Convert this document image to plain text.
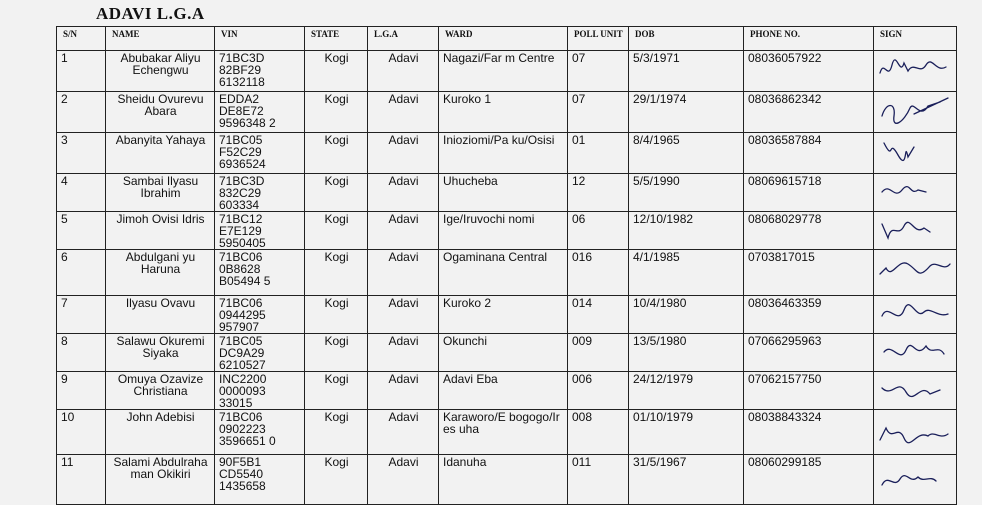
ADAVI L.G.A
S/N	NAME	VIN	STATE	L.G.A	WARD	POLL UNIT	DOB	PHONE NO.	SIGN
1	Abubakar Aliyu Echengwu	71BC3D 82BF29 6132118	Kogi	Adavi	Nagazi/Far m Centre	07	5/3/1971	08036057922	

2	Sheidu Ovurevu Abara	EDDA2 DE8E72 9596348 2	Kogi	Adavi	Kuroko 1	07	29/1/1974	08036862342	

3	Abanyita Yahaya	71BC05 F52C29 6936524	Kogi	Adavi	Inioziomi/Pa ku/Osisi	01	8/4/1965	08036587884	

4	Sambai Ilyasu Ibrahim	71BC3D 832C29 603334	Kogi	Adavi	Uhucheba	12	5/5/1990	08069615718	

5	Jimoh Ovisi Idris	71BC12 E7E129 5950405	Kogi	Adavi	Ige/Iruvochi nomi	06	12/10/1982	08068029778	

6	Abdulgani yu Haruna	71BC06 0B8628 B05494 5	Kogi	Adavi	Ogaminana Central	016	4/1/1985	0703817015	

7	Ilyasu Ovavu	71BC06 0944295 957907	Kogi	Adavi	Kuroko 2	014	10/4/1980	08036463359	

8	Salawu Okuremi Siyaka	71BC05 DC9A29 6210527	Kogi	Adavi	Okunchi	009	13/5/1980	07066295963	

9	Omuya Ozavize Christiana	INC2200 0000093 33015	Kogi	Adavi	Adavi Eba	006	24/12/1979	07062157750	

10	John Adebisi	71BC06 0902223 3596651 0	Kogi	Adavi	Karaworo/E bogogo/Ires uha	008	01/10/1979	08038843324	

11	Salami Abdulraha man Okikiri	90F5B1 CD5540 1435658	Kogi	Adavi	Idanuha	011	31/5/1967	08060299185	
